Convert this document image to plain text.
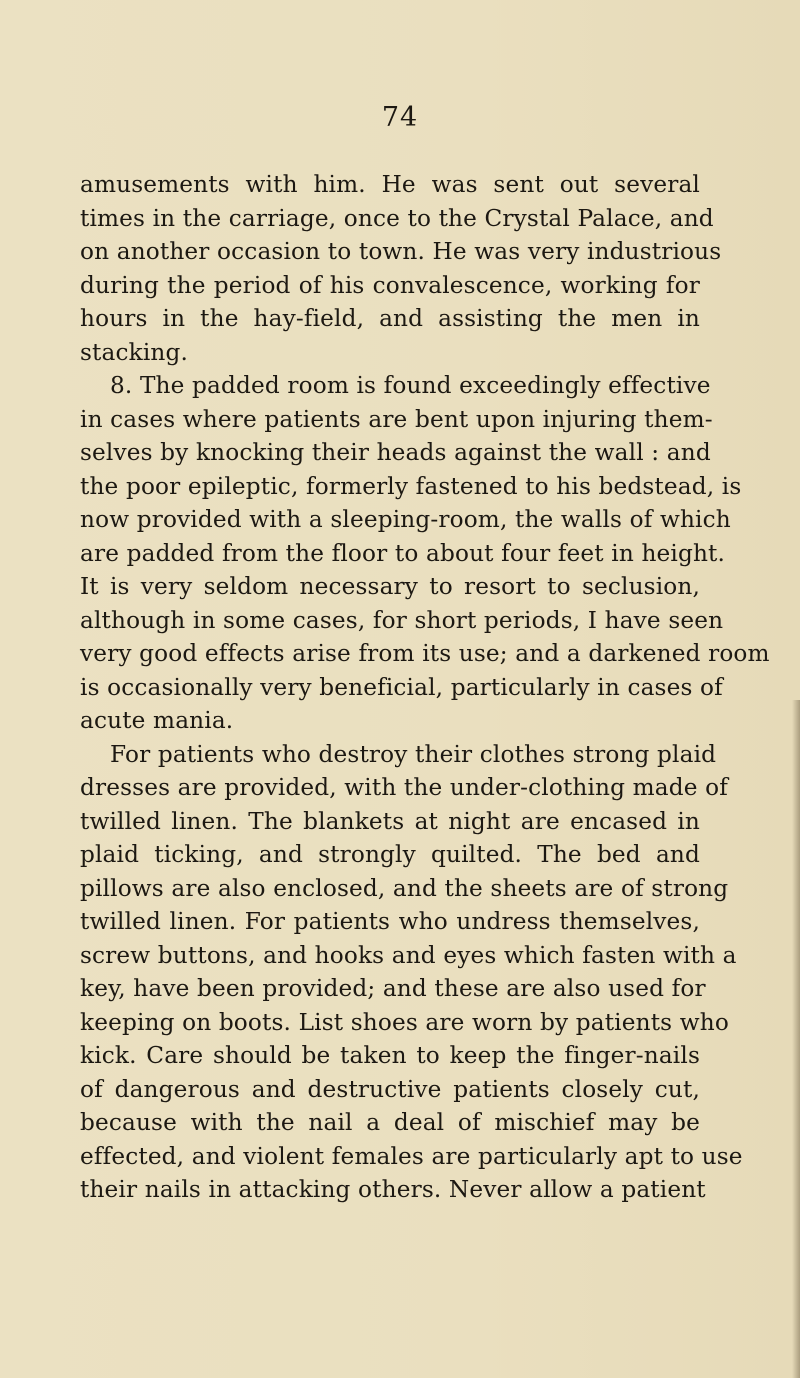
74
amusements with him. He was sent out several
times in the carriage, once to the Crystal Palace, and
on another occasion to town. He was very industrious
during the period of his convalescence, working for
hours in the hay-field, and assisting the men in
stacking.
8. The padded room is found exceedingly effective
in cases where patients are bent upon injuring them-
selves by knocking their heads against the wall : and
the poor epileptic, formerly fastened to his bedstead, is
now provided with a sleeping-room, the walls of which
are padded from the floor to about four feet in height.
It is very seldom necessary to resort to seclusion,
although in some cases, for short periods, I have seen
very good effects arise from its use; and a darkened room
is occasionally very beneficial, particularly in cases of
acute mania.
For patients who destroy their clothes strong plaid
dresses are provided, with the under-clothing made of
twilled linen. The blankets at night are encased in
plaid ticking, and strongly quilted. The bed and
pillows are also enclosed, and the sheets are of strong
twilled linen. For patients who undress themselves,
screw buttons, and hooks and eyes which fasten with a
key, have been provided; and these are also used for
keeping on boots. List shoes are worn by patients who
kick. Care should be taken to keep the finger-nails
of dangerous and destructive patients closely cut,
because with the nail a deal of mischief may be
effected, and violent females are particularly apt to use
their nails in attacking others. Never allow a patient
